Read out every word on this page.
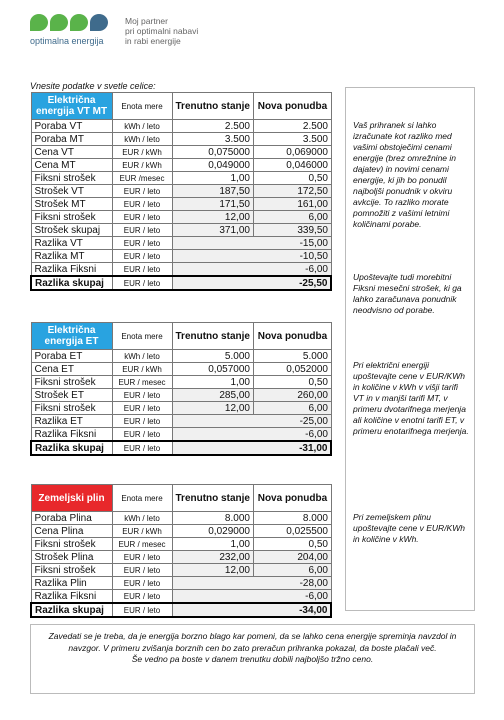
optimalna energija
Moj partner
pri optimalni nabavi
in rabi energije
Vnesite podatke v svetle celice:
Električna energija VT MT	Enota mere	Trenutno stanje	Nova ponudba
Poraba VT	kWh / leto	2.500	2.500
Poraba MT	kWh / leto	3.500	3.500
Cena VT	EUR / kWh	0,075000	0,069000
Cena MT	EUR / kWh	0,049000	0,046000
Fiksni strošek	EUR /mesec	1,00	0,50
Strošek VT	EUR / leto	187,50	172,50
Strošek MT	EUR / leto	171,50	161,00
Fiksni strošek	EUR / leto	12,00	6,00
Strošek skupaj	EUR / leto	371,00	339,50
Razlika VT	EUR / leto	-15,00	
Razlika MT	EUR / leto	-10,50	
Razlika Fiksni	EUR / leto	-6,00	
Razlika skupaj	EUR / leto	-25,50	
Električna energija ET	Enota mere	Trenutno stanje	Nova ponudba
Poraba ET	kWh / leto	5.000	5.000
Cena ET	EUR / kWh	0,057000	0,052000
Fiksni strošek	EUR / mesec	1,00	0,50
Strošek ET	EUR / leto	285,00	260,00
Fiksni strošek	EUR / leto	12,00	6,00
Razlika ET	EUR / leto	-25,00	
Razlika Fiksni	EUR / leto	-6,00	
Razlika skupaj	EUR / leto	-31,00	
Zemeljski plin	Enota mere	Trenutno stanje	Nova ponudba
Poraba Plina	kWh / leto	8.000	8.000
Cena Plina	EUR / kWh	0,029000	0,025500
Fiksni strošek	EUR / mesec	1,00	0,50
Strošek Plina	EUR / leto	232,00	204,00
Fiksni strošek	EUR / leto	12,00	6,00
Razlika Plin	EUR / leto	-28,00	
Razlika Fiksni	EUR / leto	-6,00	
Razlika skupaj	EUR / leto	-34,00	
Vaš prihranek si lahko izračunate kot razliko med vašimi obstoječimi cenami energije (brez omrežnine in dajatev) in novimi cenami energije, ki jih bo ponudil najboljši ponudnik v okviru avkcije. To razliko morate pomnožiti z vašimi letnimi količinami porabe.
Upoštevajte tudi morebitni Fiksni mesečni strošek, ki ga lahko zaračunava ponudnik neodvisno od porabe.
Pri električni energiji upoštevajte cene v EUR/KWh in količine v kWh v višji tarifi VT in v manjši tarifi MT, v primeru dvotarifnega merjenja ali količine v enotni tarifi ET, v primeru enotarifnega merjenja.
Pri zemeljskem plinu upoštevajte cene v EUR/KWh in količine v kWh.

Zavedati se je treba, da je energija borzno blago kar pomeni, da se lahko cena energije spreminja navzdol in navzgor. V primeru zvišanja borznih cen bo zato preračun prihranka pokazal, da boste plačali več.

Še vedno pa boste v danem trenutku dobili najboljšo tržno ceno.
